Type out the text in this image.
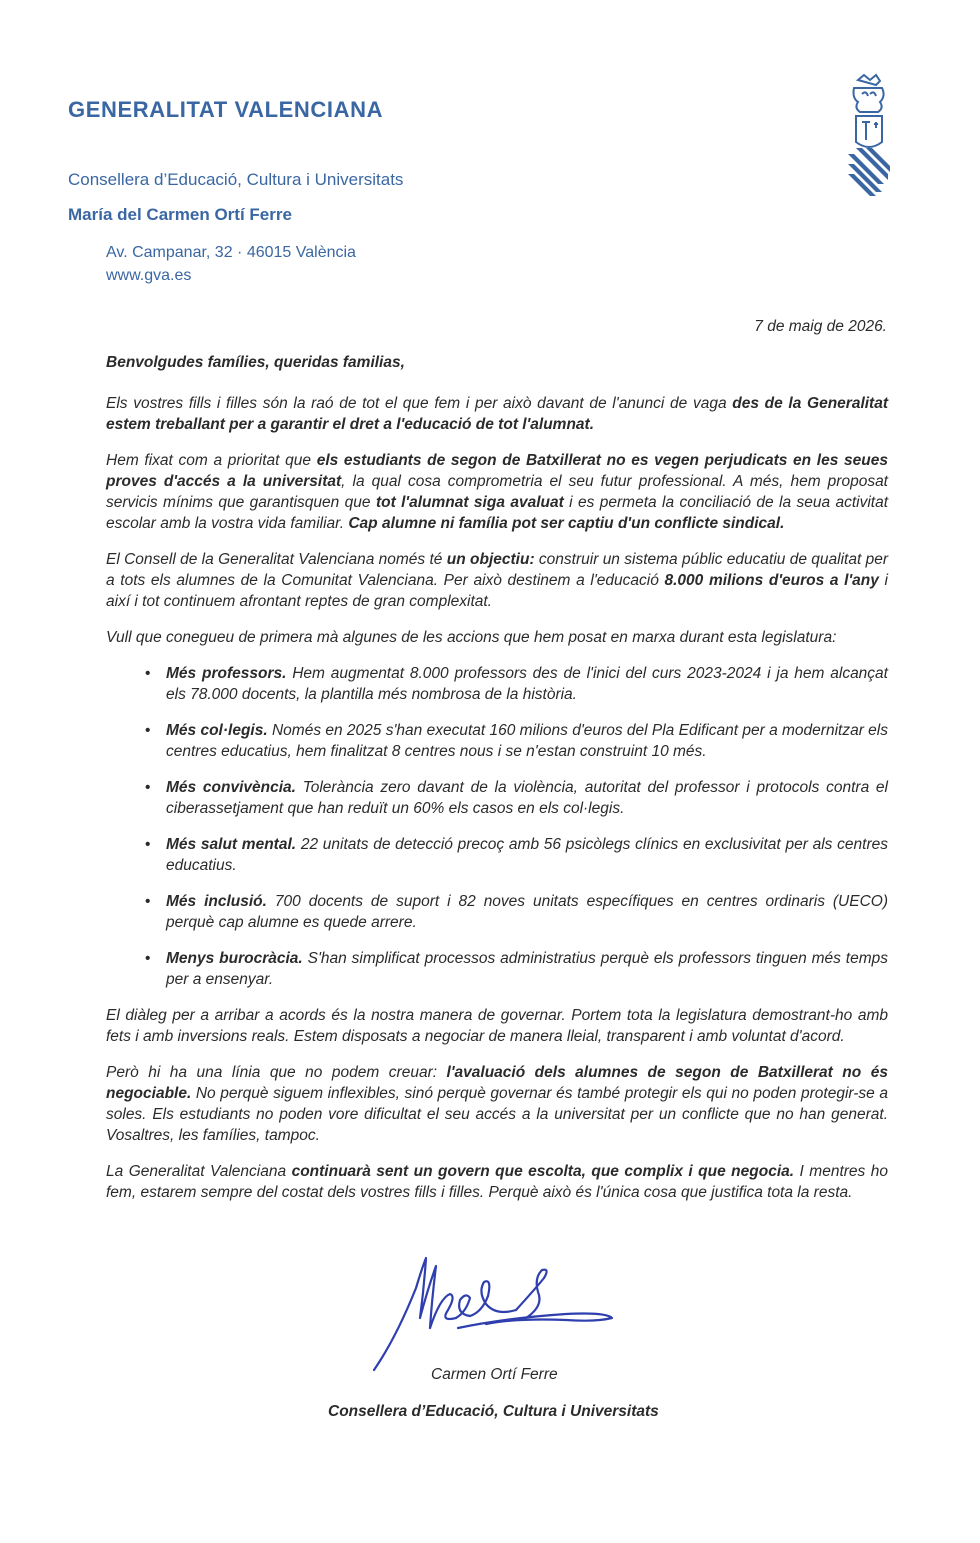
GENERALITAT VALENCIANA
Consellera d’Educació, Cultura i Universitats
María del Carmen Ortí Ferre
Av. Campanar, 32 · 46015 València
www.gva.es
7 de maig de 2026.

Benvolgudes famílies, queridas familias,

Els vostres fills i filles són la raó de tot el que fem i per això davant de l'anunci de vaga des de la Generalitat estem treballant per a garantir el dret a l'educació de tot l'alumnat.

Hem fixat com a prioritat que els estudiants de segon de Batxillerat no es vegen perjudicats en les seues proves d'accés a la universitat, la qual cosa comprometria el seu futur professional. A més, hem proposat servicis mínims que garantisquen que tot l'alumnat siga avaluat i es permeta la conciliació de la seua activitat escolar amb la vostra vida familiar. Cap alumne ni família pot ser captiu d'un conflicte sindical.

El Consell de la Generalitat Valenciana només té un objectiu: construir un sistema públic educatiu de qualitat per a tots els alumnes de la Comunitat Valenciana. Per això destinem a l'educació 8.000 milions d'euros a l'any i així i tot continuem afrontant reptes de gran complexitat.

Vull que conegueu de primera mà algunes de les accions que hem posat en marxa durant esta legislatura:

• Més professors. Hem augmentat 8.000 professors des de l'inici del curs 2023-2024 i ja hem alcançat els 78.000 docents, la plantilla més nombrosa de la història.
• Més col·legis. Només en 2025 s'han executat 160 milions d'euros del Pla Edificant per a modernitzar els centres educatius, hem finalitzat 8 centres nous i se n'estan construint 10 més.
• Més convivència. Tolerància zero davant de la violència, autoritat del professor i protocols contra el ciberassetjament que han reduït un 60% els casos en els col·legis.
• Més salut mental. 22 unitats de detecció precoç amb 56 psicòlegs clínics en exclusivitat per als centres educatius.
• Més inclusió. 700 docents de suport i 82 noves unitats específiques en centres ordinaris (UECO) perquè cap alumne es quede arrere.
• Menys burocràcia. S'han simplificat processos administratius perquè els professors tinguen més temps per a ensenyar.

El diàleg per a arribar a acords és la nostra manera de governar. Portem tota la legislatura demostrant-ho amb fets i amb inversions reals. Estem disposats a negociar de manera lleial, transparent i amb voluntat d'acord.

Però hi ha una línia que no podem creuar: l'avaluació dels alumnes de segon de Batxillerat no és negociable. No perquè siguem inflexibles, sinó perquè governar és també protegir els qui no poden protegir-se a soles. Els estudiants no poden vore dificultat el seu accés a la universitat per un conflicte que no han generat. Vosaltres, les famílies, tampoc.

La Generalitat Valenciana continuarà sent un govern que escolta, que complix i que negocia. I mentres ho fem, estarem sempre del costat dels vostres fills i filles. Perquè això és l'única cosa que justifica tota la resta.

Carmen Ortí Ferre
Consellera d’Educació, Cultura i Universitats
